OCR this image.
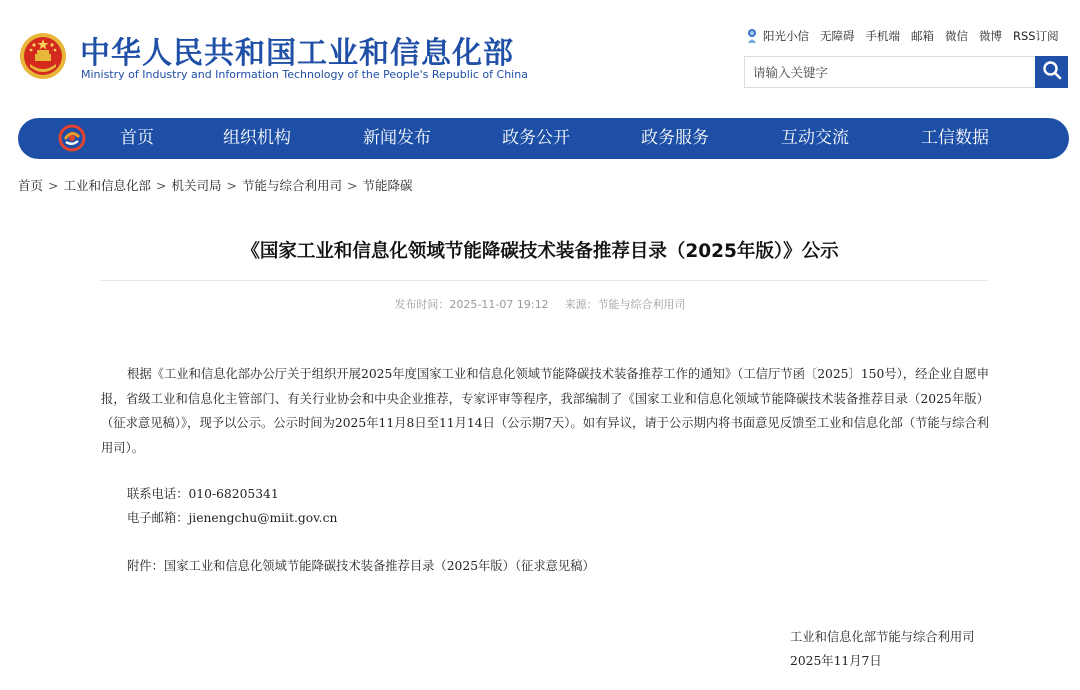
中华人民共和国工业和信息化部
Ministry of Industry and Information Technology of the People's Republic of China
阳光小信 无障碍 手机端 邮箱 微信 微博 RSS订阅
请输入关键字
首页	组织机构	新闻发布	政务公开	政务服务	互动交流	工信数据
首页 > 工业和信息化部 > 机关司局 > 节能与综合利用司 > 节能降碳
《国家工业和信息化领域节能降碳技术装备推荐目录（2025年版）》公示
发布时间：2025-11-07 19:12 来源：节能与综合利用司

根据《工业和信息化部办公厅关于组织开展2025年度国家工业和信息化领域节能降碳技术装备推荐工作的通知》（工信厅节函〔2025〕150号），经企业自愿申报，省级工业和信息化主管部门、有关行业协会和中央企业推荐，专家评审等程序，我部编制了《国家工业和信息化领域节能降碳技术装备推荐目录（2025年版）（征求意见稿）》，现予以公示。公示时间为2025年11月8日至11月14日（公示期7天）。如有异议，请于公示期内将书面意见反馈至工业和信息化部（节能与综合利用司）。

联系电话：010-68205341
电子邮箱：jienengchu@miit.gov.cn
附件：国家工业和信息化领域节能降碳技术装备推荐目录（2025年版）（征求意见稿）
工业和信息化部节能与综合利用司
2025年11月7日
